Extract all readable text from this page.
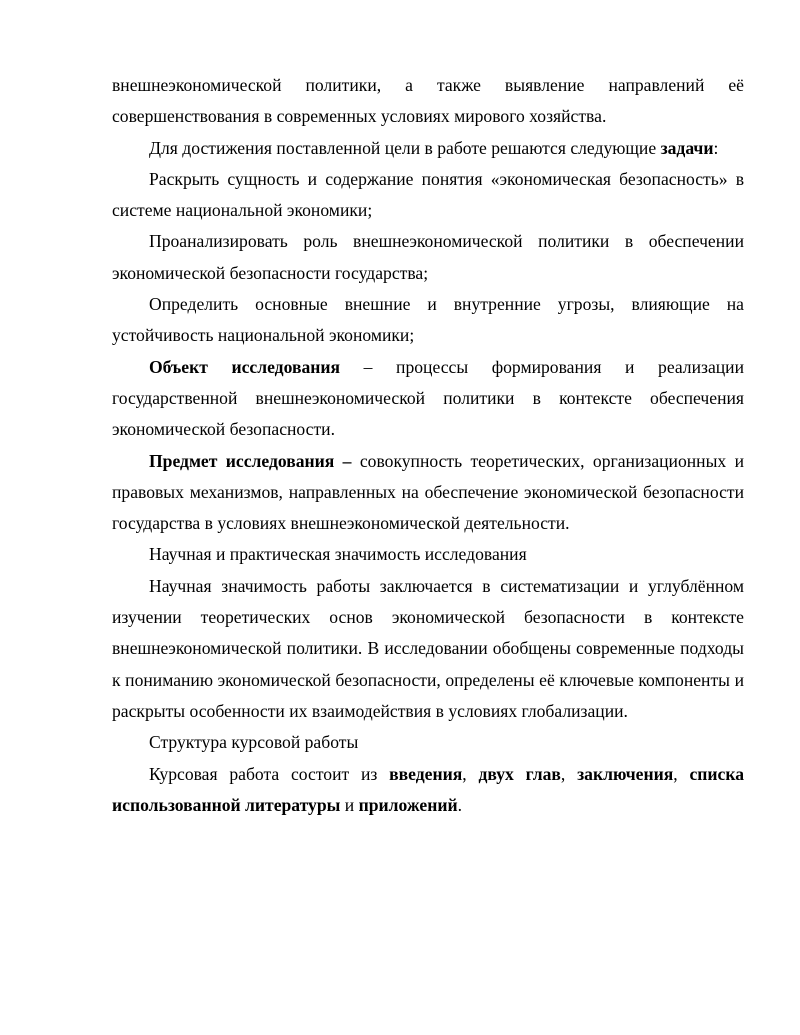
внешнеэкономической политики, а также выявление направлений её совершенствования в современных условиях мирового хозяйства.

Для достижения поставленной цели в работе решаются следующие задачи:

Раскрыть сущность и содержание понятия «экономическая безопасность» в системе национальной экономики;

Проанализировать роль внешнеэкономической политики в обеспечении экономической безопасности государства;

Определить основные внешние и внутренние угрозы, влияющие на устойчивость национальной экономики;

Объект исследования – процессы формирования и реализации государственной внешнеэкономической политики в контексте обеспечения экономической безопасности.

Предмет исследования – совокупность теоретических, организационных и правовых механизмов, направленных на обеспечение экономической безопасности государства в условиях внешнеэкономической деятельности.

Научная и практическая значимость исследования

Научная значимость работы заключается в систематизации и углублённом изучении теоретических основ экономической безопасности в контексте внешнеэкономической политики. В исследовании обобщены современные подходы к пониманию экономической безопасности, определены её ключевые компоненты и раскрыты особенности их взаимодействия в условиях глобализации.

Структура курсовой работы

Курсовая работа состоит из введения, двух глав, заключения, списка использованной литературы и приложений.
